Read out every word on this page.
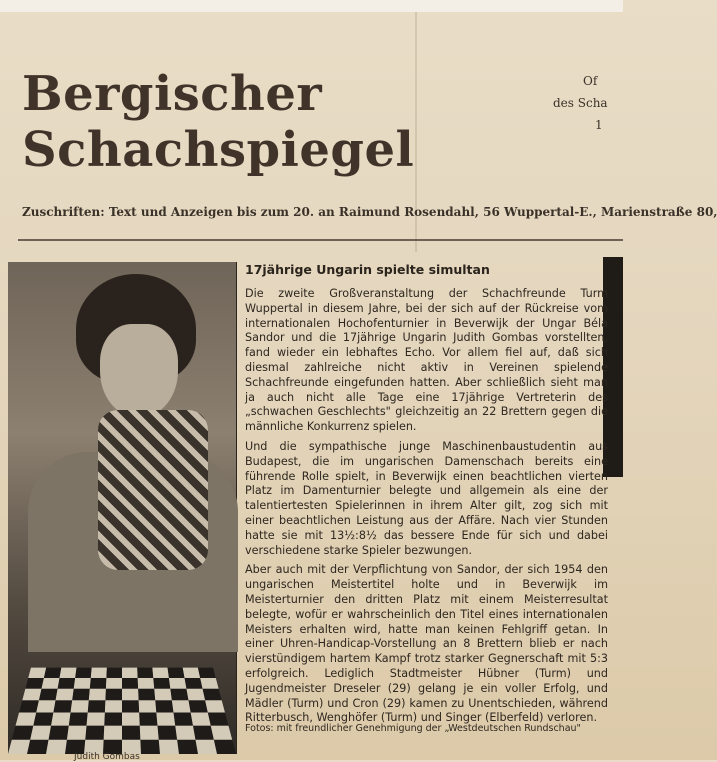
Bergischer
Schachspiegel
Of
des Scha
1
Zuschriften: Text und Anzeigen bis zum 20. an Raimund Rosendahl, 56 Wuppertal-E., Marienstraße 80,
Judith Gombas
17jährige Ungarin spielte simultan

Die zweite Großveranstaltung der Schachfreunde Turm Wuppertal in diesem Jahre, bei der sich auf der Rückreise vom internationalen Hochofenturnier in Beverwijk der Ungar Béla Sandor und die 17jährige Ungarin Judith Gombas vorstellten, fand wieder ein lebhaftes Echo. Vor allem fiel auf, daß sich diesmal zahlreiche nicht aktiv in Vereinen spielende Schachfreunde eingefunden hatten. Aber schließlich sieht man ja auch nicht alle Tage eine 17jährige Vertreterin des „schwachen Geschlechts" gleichzeitig an 22 Brettern gegen die männliche Konkurrenz spielen.

Und die sympathische junge Maschinenbaustudentin aus Budapest, die im ungarischen Damenschach bereits eine führende Rolle spielt, in Beverwijk einen beachtlichen vierten Platz im Damenturnier belegte und allgemein als eine der talentiertesten Spielerinnen in ihrem Alter gilt, zog sich mit einer beachtlichen Leistung aus der Affäre. Nach vier Stunden hatte sie mit 13½:8½ das bessere Ende für sich und dabei verschiedene starke Spieler bezwungen.

Aber auch mit der Verpflichtung von Sandor, der sich 1954 den ungarischen Meistertitel holte und in Beverwijk im Meisterturnier den dritten Platz mit einem Meisterresultat belegte, wofür er wahrscheinlich den Titel eines internationalen Meisters erhalten wird, hatte man keinen Fehlgriff getan. In einer Uhren-Handicap-Vorstellung an 8 Brettern blieb er nach vierstündigem hartem Kampf trotz starker Gegnerschaft mit 5:3 erfolgreich. Lediglich Stadtmeister Hübner (Turm) und Jugendmeister Dreseler (29) gelang je ein voller Erfolg, und Mädler (Turm) und Cron (29) kamen zu Unentschieden, während Ritterbusch, Wenghöfer (Turm) und Singer (Elberfeld) verloren.

Fotos: mit freundlicher Genehmigung der „Westdeutschen Rundschau"
